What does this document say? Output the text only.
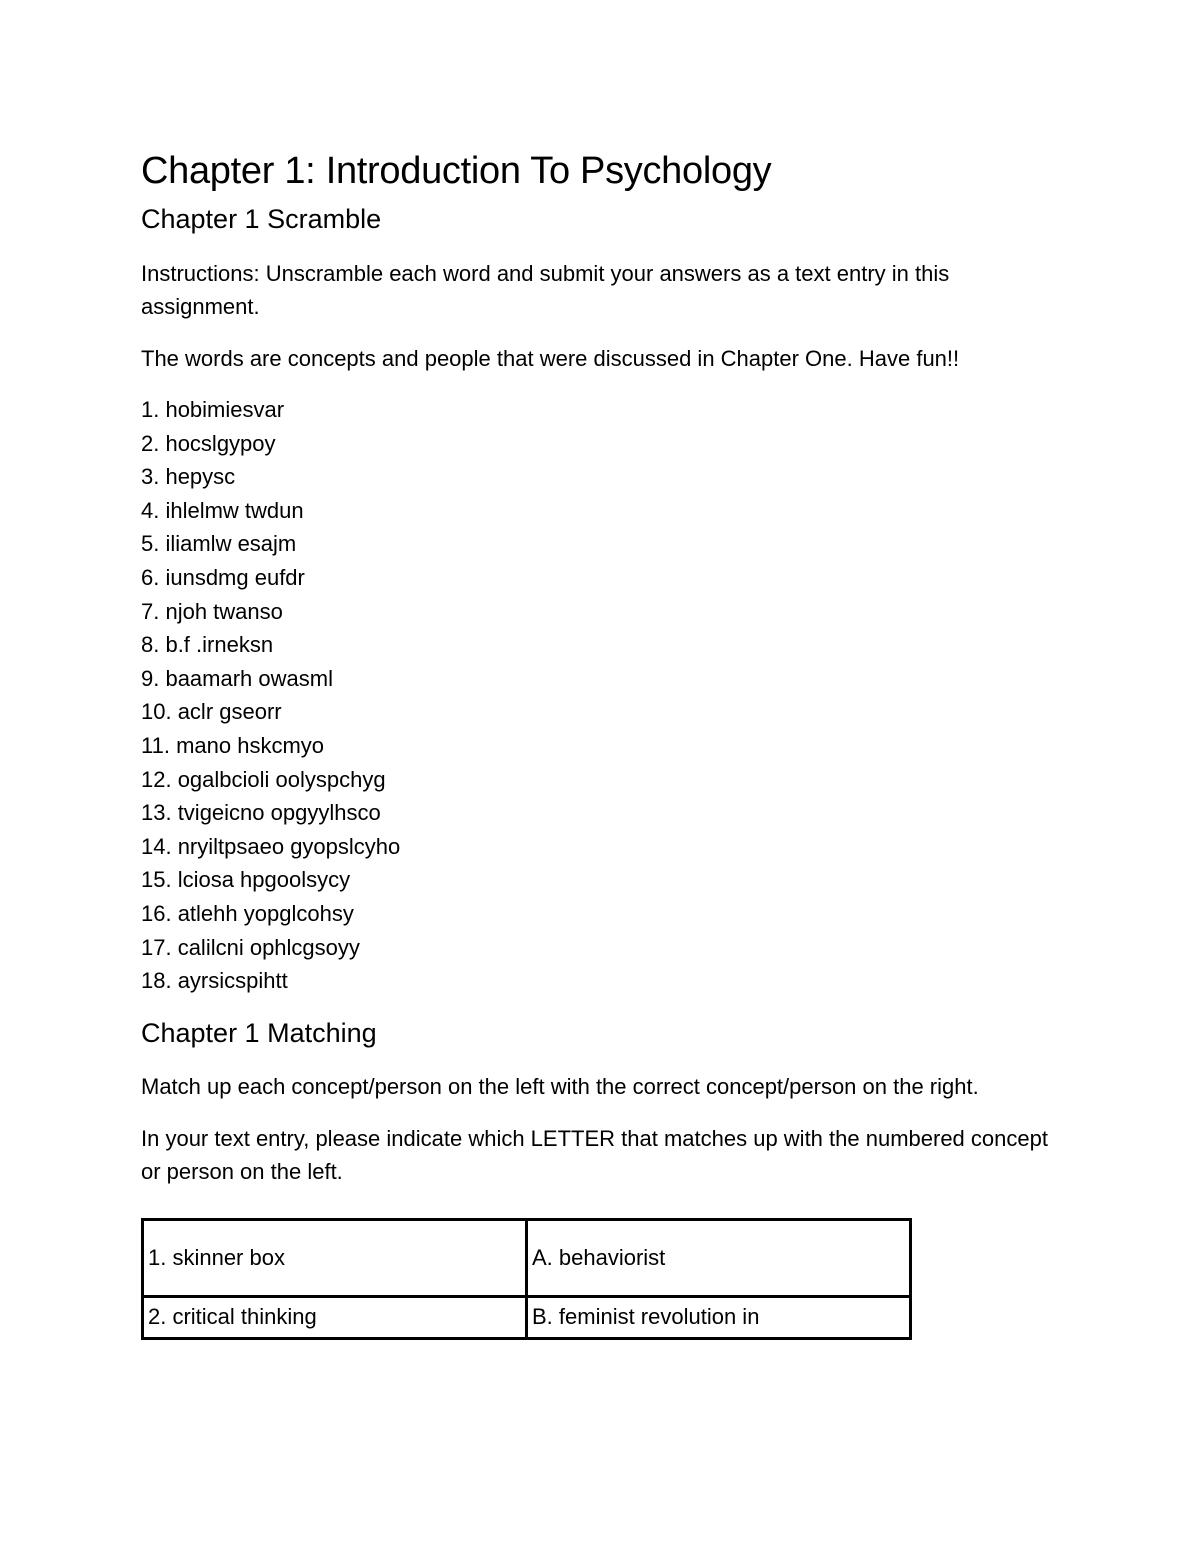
Chapter 1: Introduction To Psychology
Chapter 1 Scramble

Instructions: Unscramble each word and submit your answers as a text entry in this assignment.

The words are concepts and people that were discussed in Chapter One. Have fun!!

1. hobimiesvar
2. hocslgypoy
3. hepysc
4. ihlelmw twdun
5. iliamlw esajm
6. iunsdmg eufdr
7. njoh twanso
8. b.f .irneksn
9. baamarh owasml
10. aclr gseorr
11. mano hskcmyo
12. ogalbcioli oolyspchyg
13. tvigeicno opgyylhsco
14. nryiltpsaeo gyopslcyho
15. lciosa hpgoolsycy
16. atlehh yopglcohsy
17. calilcni ophlcgsoyy
18. ayrsicspihtt
Chapter 1 Matching

Match up each concept/person on the left with the correct concept/person on the right.

In your text entry, please indicate which LETTER that matches up with the numbered concept or person on the left.

1. skinner box	A. behaviorist
2. critical thinking	B. feminist revolution in
